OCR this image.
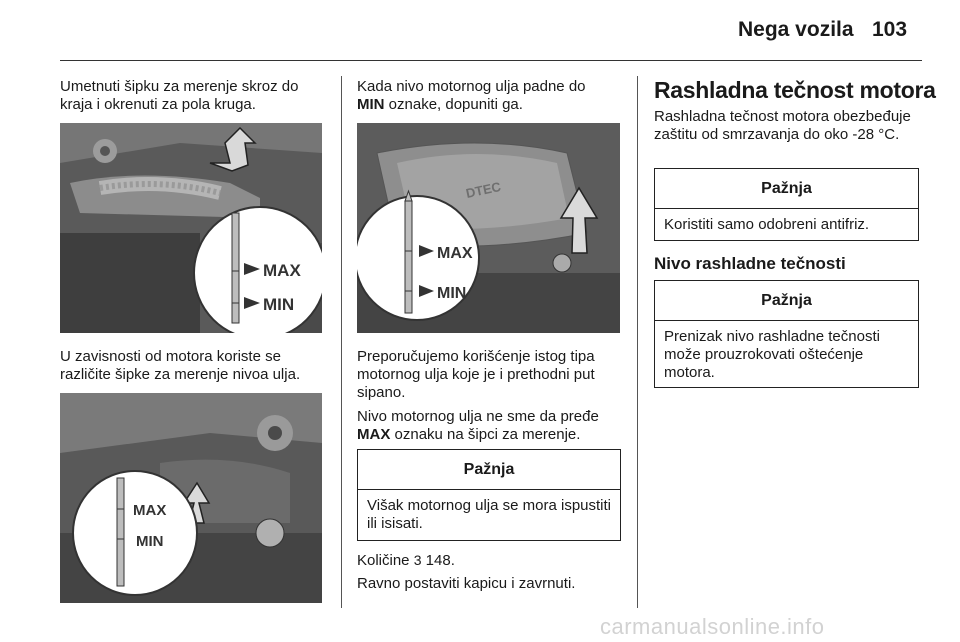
Nega vozila 103
Umetnuti šipku za merenje skroz do kraja i okrenuti za pola kruga.
MAX
MIN
U zavisnosti od motora koriste se različite šipke za merenje nivoa ulja.
MAX
MIN
Kada nivo motornog ulja padne do
MIN oznake, dopuniti ga.
DTEC
MAX
MIN
Preporučujemo korišćenje istog tipa motornog ulja koje je i prethodni put sipano.
Nivo motornog ulja ne sme da pređe
MAX oznaku na šipci za merenje.
Pažnja
Višak motornog ulja se mora ispustiti ili isisati.
Količine 3 148.
Ravno postaviti kapicu i zavrnuti.
Rashladna tečnost motora
Rashladna tečnost motora obezbeđuje zaštitu od smrzavanja do oko -28 °C.
Pažnja
Koristiti samo odobreni antifriz.
Nivo rashladne tečnosti
Pažnja
Prenizak nivo rashladne tečnosti može prouzrokovati oštećenje motora.
carmanualsonline.info
